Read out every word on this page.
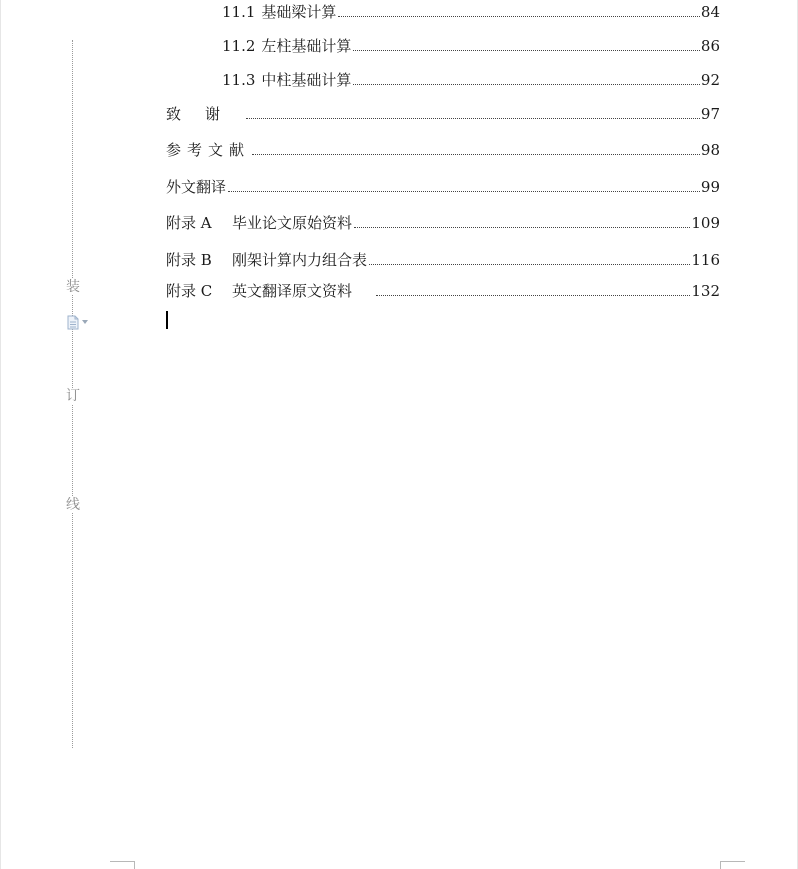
装
订
线
11.1 基础梁计算	84
11.2 左柱基础计算	86
11.3 中柱基础计算	92
致谢	97
参考文献	98
外文翻译	99
附录 A	毕业论文原始资料	109
附录 B	刚架计算内力组合表	116
附录 C	英文翻译原文资料	132
